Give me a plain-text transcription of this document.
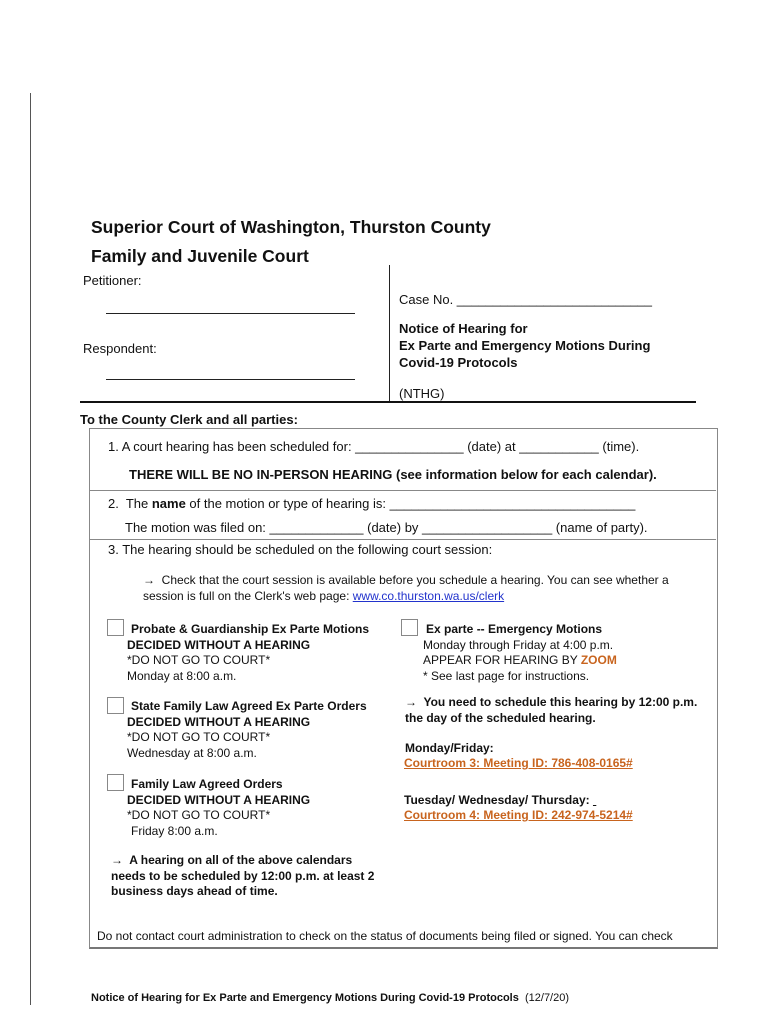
Superior Court of Washington, Thurston County
Family and Juvenile Court
Petitioner:
Respondent:
Case No. ___________________________
Notice of Hearing for
Ex Parte and Emergency Motions During
Covid-19 Protocols
(NTHG)
To the County Clerk and all parties:
1. A court hearing has been scheduled for: _______________ (date) at ___________ (time).
THERE WILL BE NO IN-PERSON HEARING (see information below for each calendar).
2.  The name of the motion or type of hearing is: __________________________________
The motion was filed on: _____________ (date) by __________________ (name of party).
3. The hearing should be scheduled on the following court session:
→ Check that the court session is available before you schedule a hearing. You can see whether a
session is full on the Clerk's web page: www.co.thurston.wa.us/clerk
Probate & Guardianship Ex Parte Motions
DECIDED WITHOUT A HEARING
*DO NOT GO TO COURT*
Monday at 8:00 a.m.
State Family Law Agreed Ex Parte Orders
DECIDED WITHOUT A HEARING
*DO NOT GO TO COURT*
Wednesday at 8:00 a.m.
Family Law Agreed Orders
DECIDED WITHOUT A HEARING
*DO NOT GO TO COURT*
Friday 8:00 a.m.
→ A hearing on all of the above calendars
needs to be scheduled by 12:00 p.m. at least 2
business days ahead of time.
Ex parte -- Emergency Motions
Monday through Friday at 4:00 p.m.
APPEAR FOR HEARING BY ZOOM
* See last page for instructions.
→ You need to schedule this hearing by 12:00 p.m.
the day of the scheduled hearing.
Monday/Friday:
Courtroom 3: Meeting ID: 786-408-0165#
Tuesday/ Wednesday/ Thursday:
Courtroom 4: Meeting ID: 242-974-5214#
Do not contact court administration to check on the status of documents being filed or signed. You can check
Notice of Hearing for Ex Parte and Emergency Motions During Covid-19 Protocols (12/7/20)
